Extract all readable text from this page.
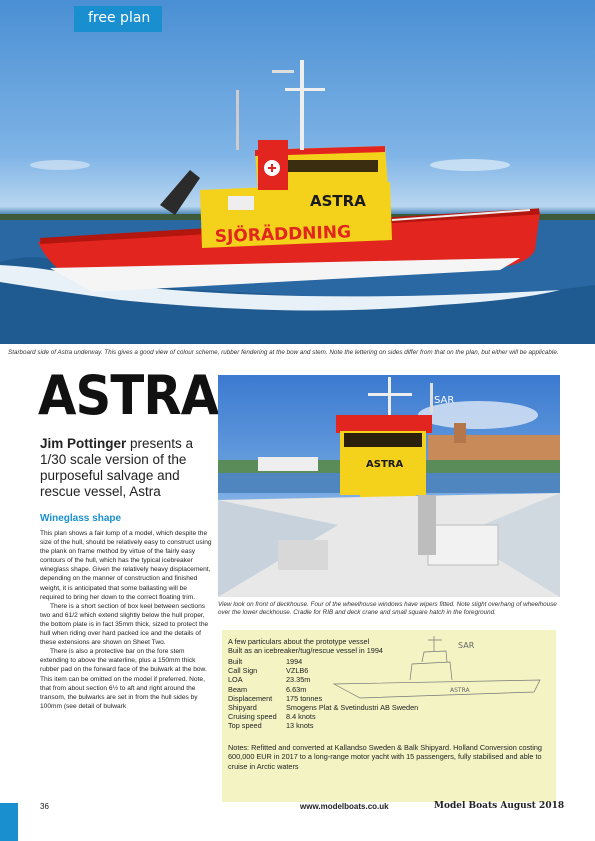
free plan
SJÖRÄDDNING
ASTRA
Starboard side of Astra underway. This gives a good view of colour scheme, rubber fendering at the bow and stem. Note the lettering on sides differ from that on the plan, but either will be applicable.
ASTRA
Jim Pottinger presents a 1/30 scale version of the purposeful salvage and rescue vessel, Astra
Wineglass shape

This plan shows a fair lump of a model, which despite the size of the hull, should be relatively easy to construct using the plank on frame method by virtue of the fairly easy contours of the hull, which has the typical icebreaker wineglass shape. Given the relatively heavy displacement, depending on the manner of construction and finished weight, it is anticipated that some ballasting will be required to bring her down to the correct floating trim.

There is a short section of box keel between sections two and 61/2 which extend slightly below the hull proper, the bottom plate is in fact 35mm thick, sized to protect the hull when riding over hard packed ice and the details of these extensions are shown on Sheet Two.

There is also a protective bar on the fore stem extending to above the waterline, plus a 150mm thick rubber pad on the forward face of the bulwark at the bow. This item can be omitted on the model if preferred. Note, that from about section 6½ to aft and right around the transom, the bulwarks are set in from the hull sides by 100mm (see detail of bulwark

SAR
ASTRA
View look on front of deckhouse. Four of the wheelhouse windows have wipers fitted. Note slight overhang of wheelhouse over the lower deckhouse. Cradle for RIB and deck crane and small square hatch in the foreground.
A few particulars about the prototype vessel
Built as an icebreaker/tug/rescue vessel in 1994
SAR
ASTRA
Built	1994
Call Sign	VZLB6
LOA	23.35m
Beam	6.63m
Displacement	175 tonnes
Shipyard	Smogens Plat & Svetindustri AB Sweden
Cruising speed	8.4 knots
Top speed	13 knots
Notes: Refitted and converted at Kallandso Sweden & Balk Shipyard. Holland Conversion costing 600,000 EUR in 2017 to a long-range motor yacht with 15 passengers, fully stabilised and able to cruise in Arctic waters
36	www.modelboats.co.uk	Model Boats August 2018
